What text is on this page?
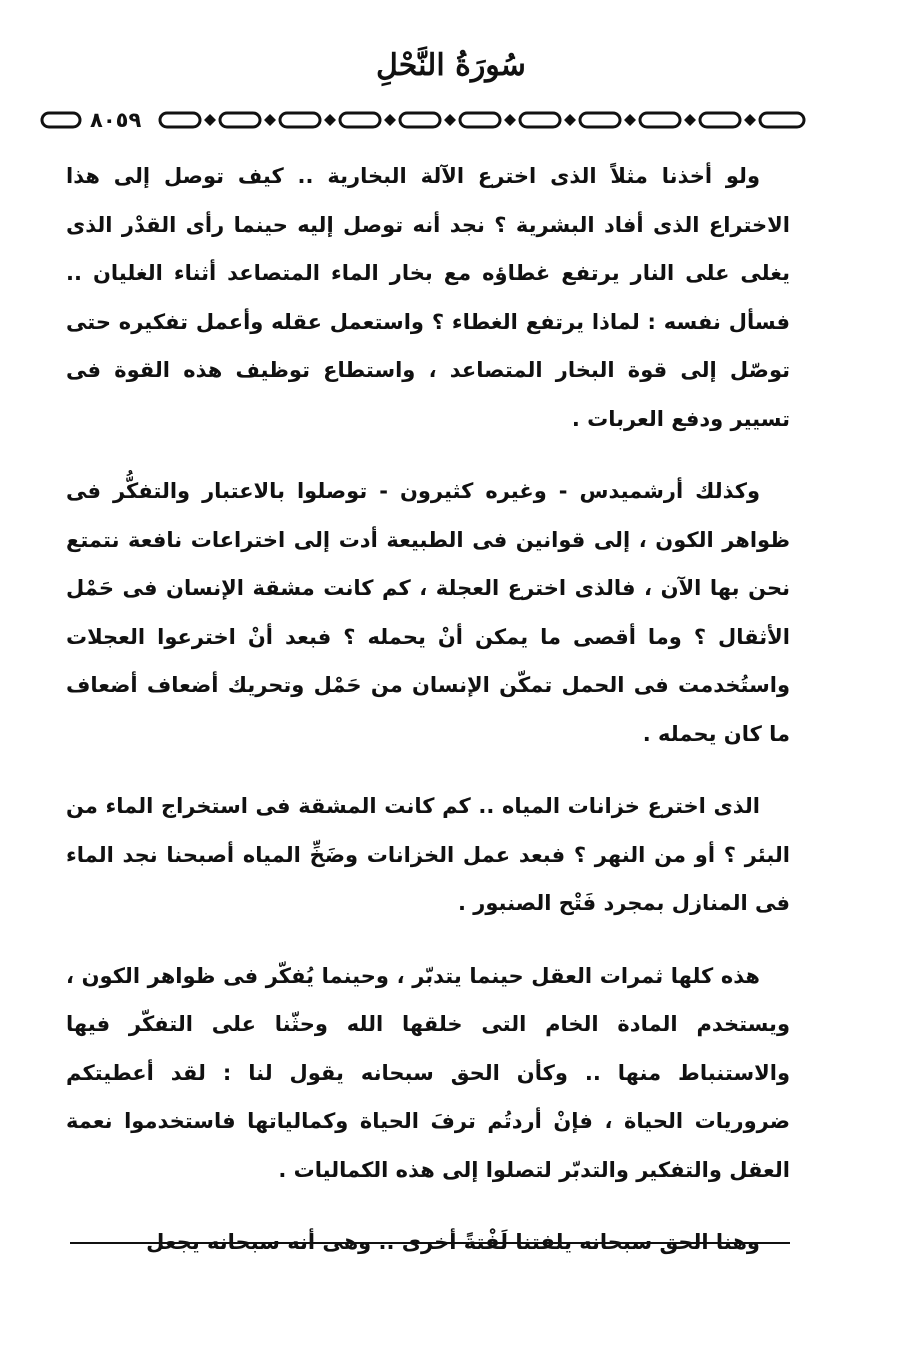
سُورَةُ النَّحْلِ
٨٠٥٩

ولو أخذنا مثلاً الذى اخترع الآلة البخارية .. كيف توصل إلى هذا الاختراع الذى أفاد البشرية ؟ نجد أنه توصل إليه حينما رأى القدْر الذى يغلى على النار يرتفع غطاؤه مع بخار الماء المتصاعد أثناء الغليان .. فسأل نفسه : لماذا يرتفع الغطاء ؟ واستعمل عقله وأعمل تفكيره حتى توصّل إلى قوة البخار المتصاعد ، واستطاع توظيف هذه القوة فى تسيير ودفع العربات .

وكذلك أرشميدس - وغيره كثيرون - توصلوا بالاعتبار والتفكُّر فى ظواهر الكون ، إلى قوانين فى الطبيعة أدت إلى اختراعات نافعة نتمتع نحن بها الآن ، فالذى اخترع العجلة ، كم كانت مشقة الإنسان فى حَمْل الأثقال ؟ وما أقصى ما يمكن أنْ يحمله ؟ فبعد أنْ اخترعوا العجلات واستُخدمت فى الحمل تمكّن الإنسان من حَمْل وتحريك أضعاف أضعاف ما كان يحمله .

الذى اخترع خزانات المياه .. كم كانت المشقة فى استخراج الماء من البئر ؟ أو من النهر ؟ فبعد عمل الخزانات وضَخِّ المياه أصبحنا نجد الماء فى المنازل بمجرد فَتْح الصنبور .

هذه كلها ثمرات العقل حينما يتدبّر ، وحينما يُفكّر فى ظواهر الكون ، ويستخدم المادة الخام التى خلقها الله وحثّنا على التفكّر فيها والاستنباط منها .. وكأن الحق سبحانه يقول لنا : لقد أعطيتكم ضروريات الحياة ، فإنْ أردتُم ترفَ الحياة وكمالياتها فاستخدموا نعمة العقل والتفكير والتدبّر لتصلوا إلى هذه الكماليات .

وهنا الحق سبحانه يلفتنا لَفْتةً أخرى .. وهى أنه سبحانه يجعل
